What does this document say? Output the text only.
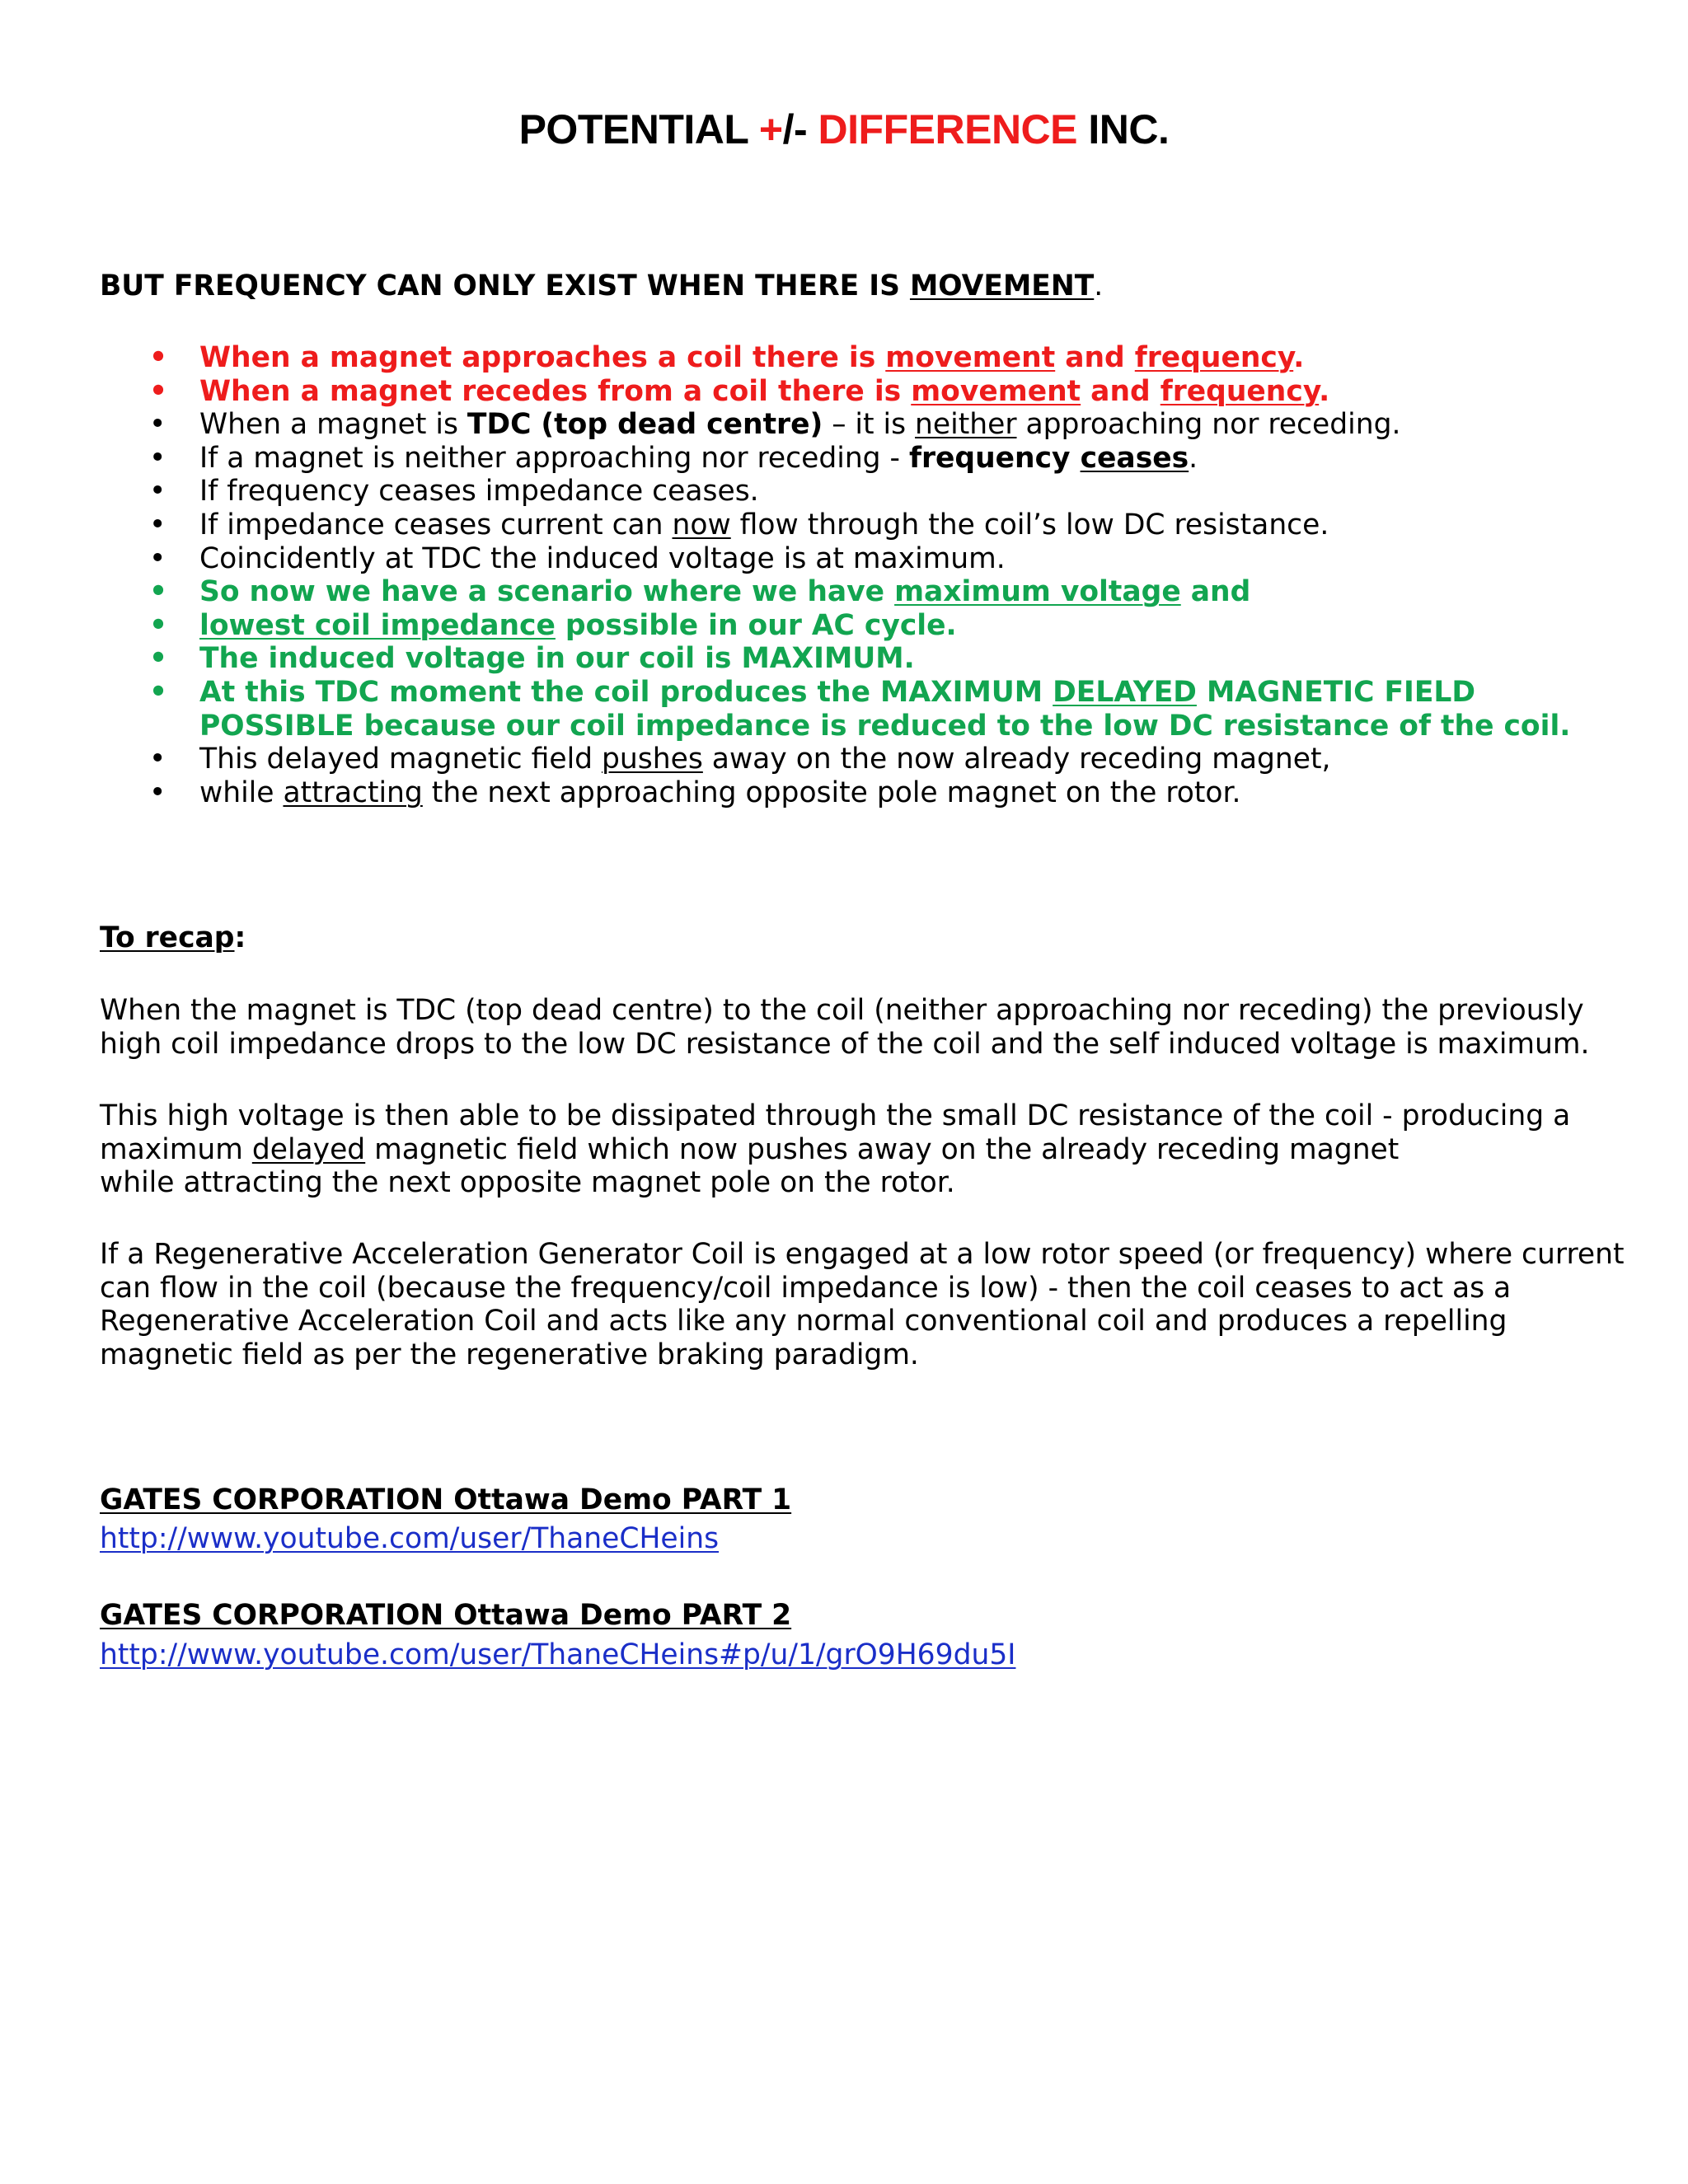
POTENTIAL +/- DIFFERENCE INC.
BUT FREQUENCY CAN ONLY EXIST WHEN THERE IS MOVEMENT.
• When a magnet approaches a coil there is movement and frequency.
• When a magnet recedes from a coil there is movement and frequency.
• When a magnet is TDC (top dead centre) – it is neither approaching nor receding.
• If a magnet is neither approaching nor receding - frequency ceases.
• If frequency ceases impedance ceases.
• If impedance ceases current can now flow through the coil’s low DC resistance.
• Coincidently at TDC the induced voltage is at maximum.
• So now we have a scenario where we have maximum voltage and
• lowest coil impedance possible in our AC cycle.
• The induced voltage in our coil is MAXIMUM.
• At this TDC moment the coil produces the MAXIMUM DELAYED MAGNETIC FIELD POSSIBLE because our coil impedance is reduced to the low DC resistance of the coil.
• This delayed magnetic field pushes away on the now already receding magnet,
• while attracting the next approaching opposite pole magnet on the rotor.
To recap:

When the magnet is TDC (top dead centre) to the coil (neither approaching nor receding) the previously high coil impedance drops to the low DC resistance of the coil and the self induced voltage is maximum.

This high voltage is then able to be dissipated through the small DC resistance of the coil - producing a maximum delayed magnetic field which now pushes away on the already receding magnet
while attracting the next opposite magnet pole on the rotor.

If a Regenerative Acceleration Generator Coil is engaged at a low rotor speed (or frequency) where current can flow in the coil (because the frequency/coil impedance is low) - then the coil ceases to act as a Regenerative Acceleration Coil and acts like any normal conventional coil and produces a repelling magnetic field as per the regenerative braking paradigm.

GATES CORPORATION Ottawa Demo PART 1
http://www.youtube.com/user/ThaneCHeins
GATES CORPORATION Ottawa Demo PART 2
http://www.youtube.com/user/ThaneCHeins#p/u/1/grO9H69du5I
